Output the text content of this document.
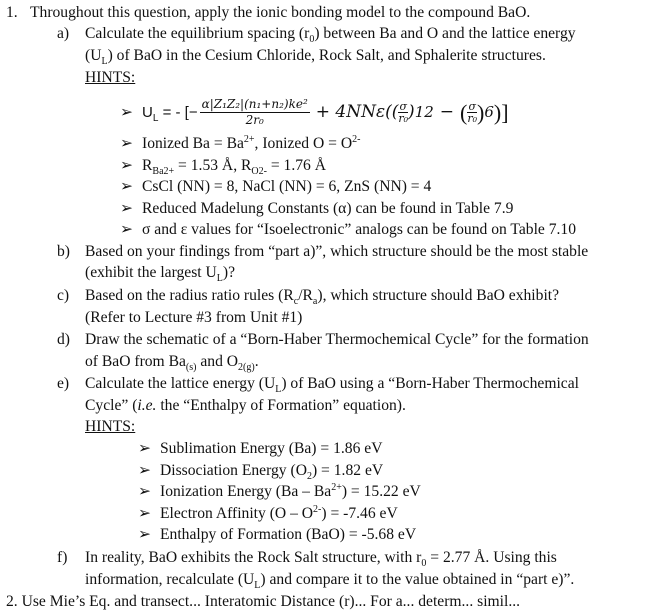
1. Throughout this question, apply the ionic bonding model to the compound BaO.
a) Calculate the equilibrium spacing $(r_0)$ between Ba and O and the lattice energy
$(U_L)$ of BaO in the Cesium Chloride, Rock Salt, and Sphalerite structures.
HINTS:
➢ $U_L$ = - [− $\frac{\text{α|Z₁Z₂|(n₁+n₂)ke²}}{\text{2r₀}} + 4NN\varepsilon$(( σ
r₀ ) 12 − ( σ
r₀ ) 6 )]
➢ Ionized $Ba = Ba^{2+}$, Ionized $O = O^{2-}$
➢ $R_{Ba2+} = 1.53$ Å, $R_{O2-} = 1.76$ Å
➢ CsCl (NN) = 8, NaCl (NN) = 6, ZnS (NN) = 4
➢ Reduced Madelung Constants (α) can be found in Table 7.9
➢ σ and ε values for “Isoelectronic” analogs can be found on Table 7.10
b) Based on your findings from “part a)”, which structure should be the most stable
(exhibit the largest $U_L$)?
c) Based on the radius ratio rules $(R_c/R_a)$, which structure should BaO exhibit?
(Refer to Lecture #3 from Unit #1)
d) Draw the schematic of a “Born-Haber Thermochemical Cycle” for the formation
of BaO from $Ba_{(s)}$ and $O_{2(g)}$.
e) Calculate the lattice energy $(U_L)$ of BaO using a “Born-Haber Thermochemical
Cycle” (i.e. the “Enthalpy of Formation” equation).
HINTS:
➢ Sublimation Energy (Ba) = 1.86 eV
➢ Dissociation Energy $(O_2) = 1.82$ eV
➢ Ionization Energy $(Ba - Ba^{2+}) = 15.22$ eV
➢ Electron Affinity $(O - O^{2-}) = -7.46$ eV
➢ Enthalpy of Formation (BaO) = -5.68 eV
f) In reality, BaO exhibits the Rock Salt structure, with $r_0 = 2.77$ Å. Using this
information, recalculate $(U_L)$ and compare it to the value obtained in “part e)”.
2. Use Mie’s Eq. and transect... Interatomic Distance (r)... For a... determ... simil...
